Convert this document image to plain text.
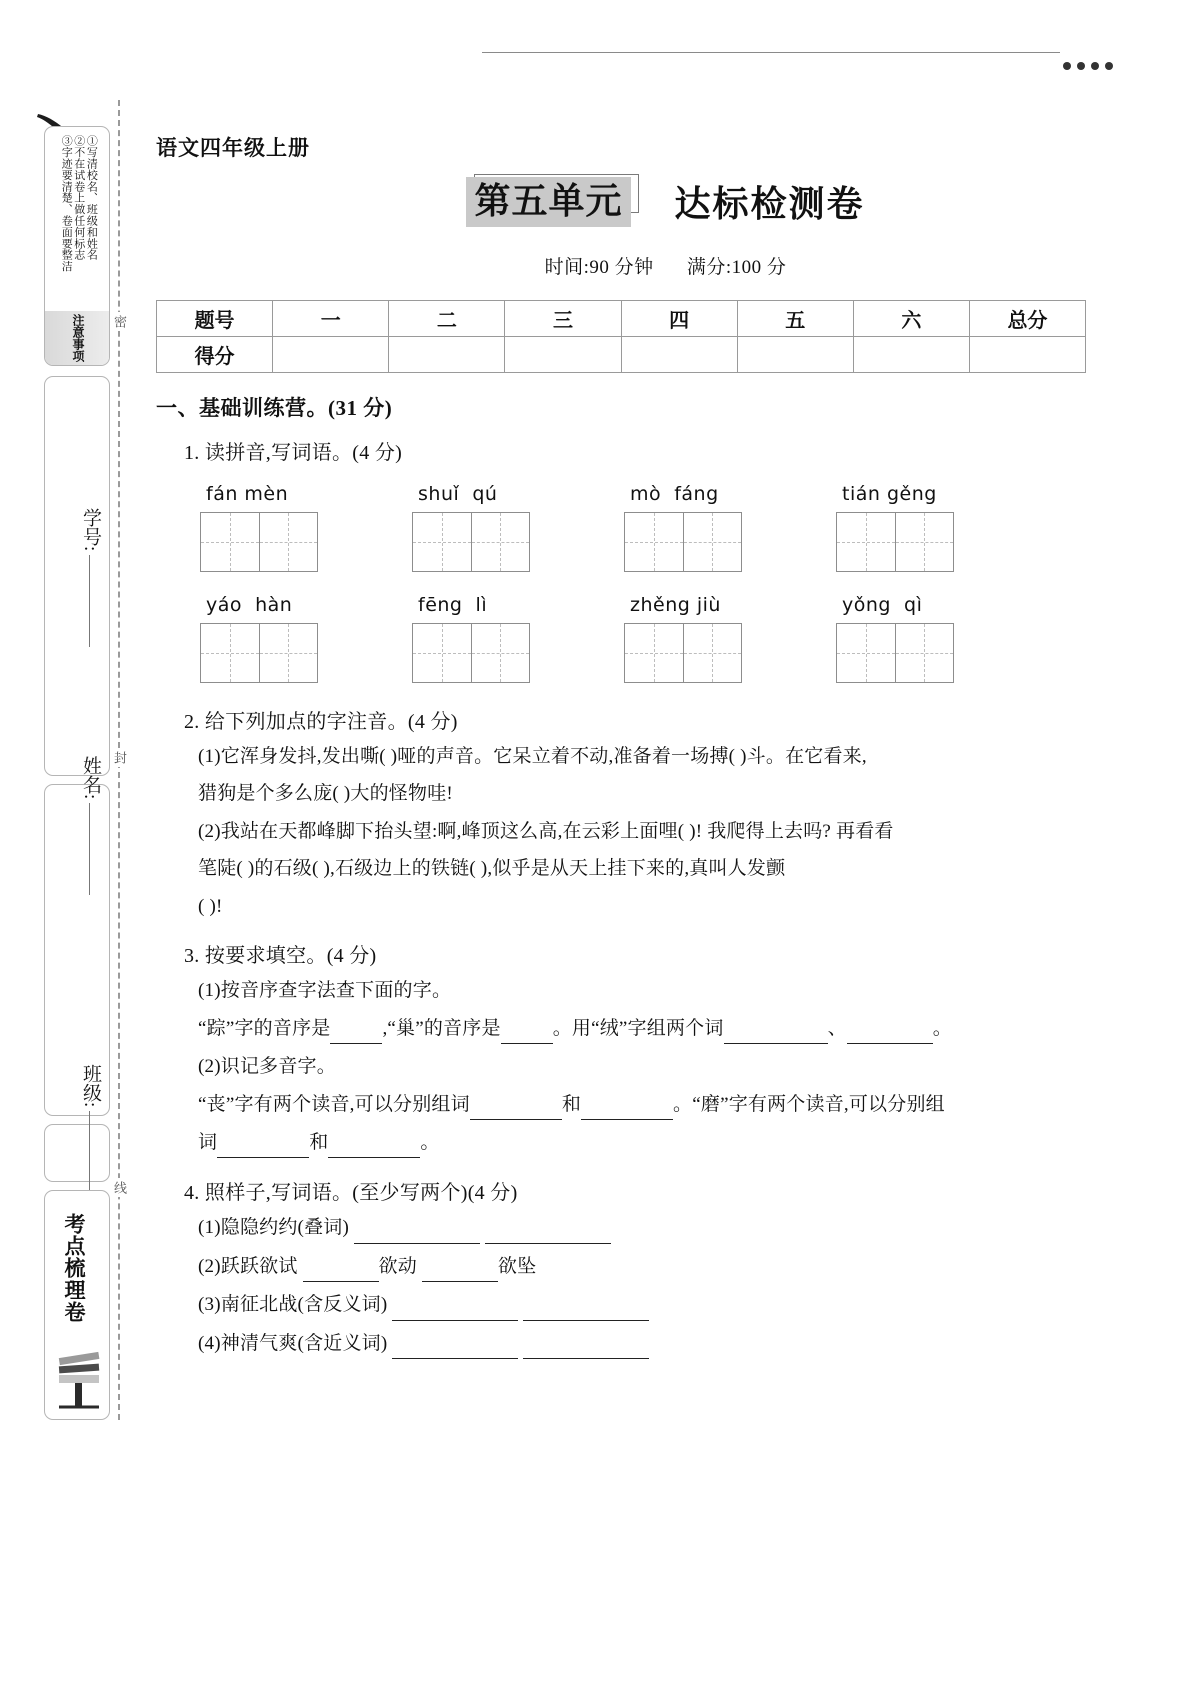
密
封
线
①写清校名、班级和姓名
②不在试卷上做任何标志
③字迹要清楚、卷面要整洁
注意事项
学号:
姓名:
班级:
考点梳理卷
语文四年级上册
第五单元 达标检测卷
时间:90 分钟 满分:100 分
题号	一	二	三	四	五	六	总分
得分							
一、基础训练营。(31 分)
1. 读拼音,写词语。(4 分)
fán mèn	shuǐ  qú	mò  fáng	tián gěng
yáo  hàn	fēng  lì	zhěng jiù	yǒng  qì
2. 给下列加点的字注音。(4 分)
(1)它浑身发抖,发出嘶( )哑的声音。它呆立着不动,准备着一场搏( )斗。在它看来,
猎狗是个多么庞( )大的怪物哇!
(2)我站在天都峰脚下抬头望:啊,峰顶这么高,在云彩上面哩( )! 我爬得上去吗? 再看看
笔陡( )的石级( ),石级边上的铁链( ),似乎是从天上挂下来的,真叫人发颤
( )!
3. 按要求填空。(4 分)
(1)按音序查字法查下面的字。
“踪”字的音序是	,“巢”的音序是	。用“绒”字组两个词	、	。
(2)识记多音字。
“丧”字有两个读音,可以分别组词	和	。“磨”字有两个读音,可以分别组
词	和	。
4. 照样子,写词语。(至少写两个)(4 分)
(1)隐隐约约(叠词)
(2)跃跃欲试	欲动	欲坠
(3)南征北战(含反义词)
(4)神清气爽(含近义词)
